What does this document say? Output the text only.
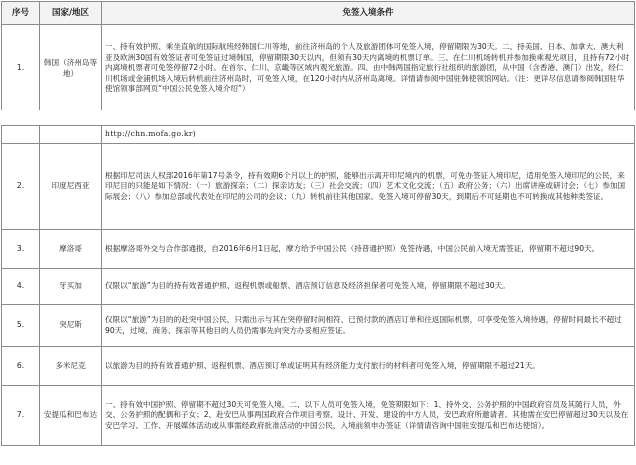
序号	国家/地区	免签入境条件
1.	韩国（济州岛等地）	一、持有效护照、乘坐直航的国际航班经韩国仁川等地，前往济州岛的个人及旅游团体可免签入境，停留期限为30天。二、持美国、日本、加拿大、澳大利亚及欧洲30国有效签证者可免签证过境韩国，停留期限30天以内，但须有30天内离境的机票订单。三、在仁川机场转机并参加换乘观光项目，且持有72小时内离境机票者可免签停留72小时。在首尔、仁川、京畿等区域内观光旅游。四、由中韩两国指定旅行社组织的旅游团，从中国（含香港、澳门）出发，经仁川机场或金浦机场入境后转机前往济州岛时，可免签入境，在120小时内从济州岛离境。详情请参阅中国驻韩使领馆网站。（注：更详尽信息请参阅韩国驻华使馆领事部网页“中国公民免签入境介绍”）
		http://chn.mofa.go.kr)
2.	印度尼西亚	根据印尼司法人权部2016年第17号条令，持有效期6个月以上的护照，能够出示离开印尼境内的机票，可免办签证入境印尼，适用免签入境印尼的公民，来印尼目的只能是如下情况：（一）旅游探亲；（二）探亲访友；（三）社会交流；（四）艺术文化交流；（五）政府公务；（六）出席讲座或研讨会；（七）参加国际展会；（八）参加总部或代表处在印尼的公司的会议；（九）转机前往其他国家。免签入境可停留30天，到期后不可延期也不可转换成其他种类签证。
3.	摩洛哥	根据摩洛哥外交与合作部通报，自2016年6月1日起，摩方给予中国公民（持普通护照）免签待遇，中国公民前入境无需签证，停留期不超过90天。
4.	牙买加	仅限以“旅游”为目的持有效普通护照、返程机票或船票、酒店预订信息及经济担保者可免签入境，停留期限不超过30天。
5.	突尼斯	仅限以“旅游”为目的的赴突中国公民，只需出示与其在突停留时间相符、已预付款的酒店订单和往返国际机票，可享受免签入境待遇，停留时间最长不超过90天，过境、商务、探亲等其他目的人员仍需事先向突方办妥相应签证。
6.	多米尼克	以旅游为目的持有效普通护照、返程机票、酒店预订单或证明其有经济能力支付旅行的材料者可免签入境，停留期限不超过21天。
7.	安提瓜和巴布达	一、持有效中国护照、停留期不超过30天可免签入境。二、以下人员可免签入境，免签期限如下：1、持外交、公务护照的中国政府官员及其随行人员，外交、公务护照的配偶和子女；2、赴安巴从事两国政府合作项目考察、设计、开发、建设的中方人员，安巴政府所邀请者。其他需在安巴停留超过30天以及在安巴学习、工作、开展媒体活动或从事需经政府批准活动的中国公民，入境前须申办签证（详情请咨询中国驻安提瓜和巴布达使馆）。
